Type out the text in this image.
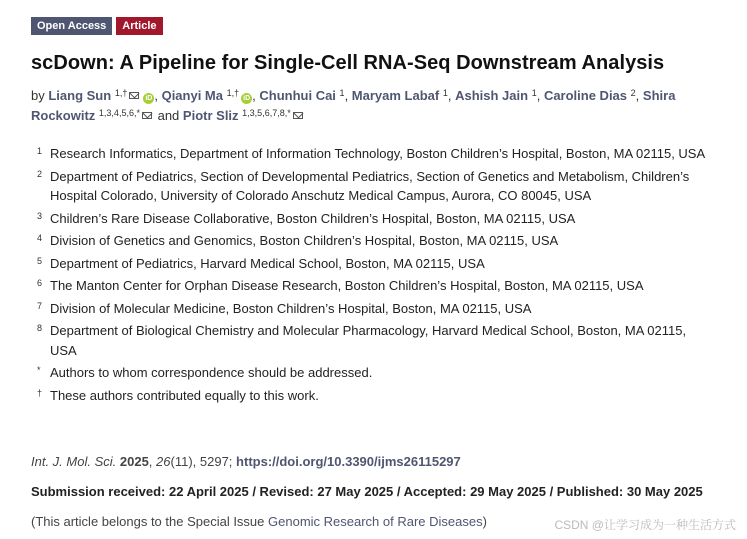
Open Access	Article
scDown: A Pipeline for Single-Cell RNA-Seq Downstream Analysis
by Liang Sun $^{1,\dagger}$iD , Qianyi Ma $^{1,\dagger}$iD , Chunhui Cai $^1$, Maryam Labaf $^1$, Ashish Jain $^1$, Caroline Dias $^2$, Shira Rockowitz $^{1,3,4,5,6,*}$ and Piotr Sliz $^{1,3,5,6,7,8,*}$
1 Research Informatics, Department of Information Technology, Boston Children’s Hospital, Boston, MA 02115, USA
2 Department of Pediatrics, Section of Developmental Pediatrics, Section of Genetics and Metabolism, Children’s Hospital Colorado, University of Colorado Anschutz Medical Campus, Aurora, CO 80045, USA
3 Children’s Rare Disease Collaborative, Boston Children’s Hospital, Boston, MA 02115, USA
4 Division of Genetics and Genomics, Boston Children’s Hospital, Boston, MA 02115, USA
5 Department of Pediatrics, Harvard Medical School, Boston, MA 02115, USA
6 The Manton Center for Orphan Disease Research, Boston Children’s Hospital, Boston, MA 02115, USA
7 Division of Molecular Medicine, Boston Children’s Hospital, Boston, MA 02115, USA
8 Department of Biological Chemistry and Molecular Pharmacology, Harvard Medical School, Boston, MA 02115, USA
* Authors to whom correspondence should be addressed.
† These authors contributed equally to this work.
Int. J. Mol. Sci. 2025, 26(11), 5297; https://doi.org/10.3390/ijms26115297
Submission received: 22 April 2025 / Revised: 27 May 2025 / Accepted: 29 May 2025 / Published: 30 May 2025
(This article belongs to the Special Issue Genomic Research of Rare Diseases)	CSDN @让学习成为一种生活方式
